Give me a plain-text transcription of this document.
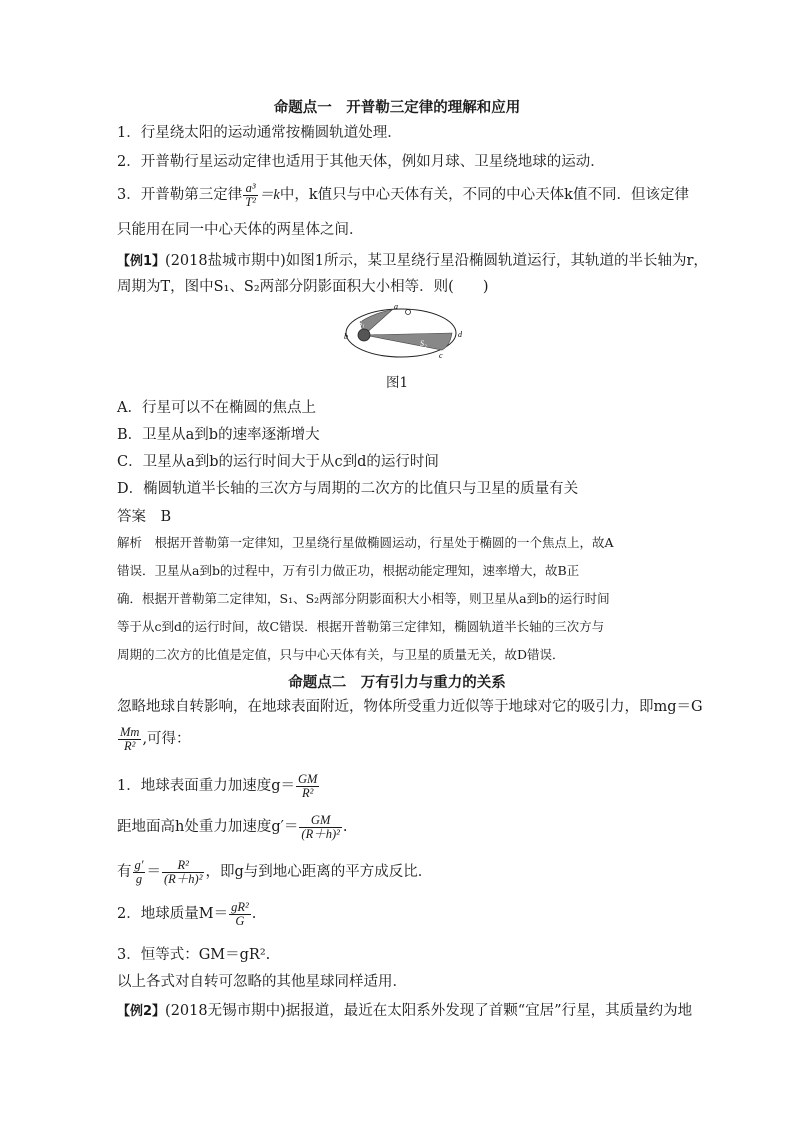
命题点一　开普勒三定律的理解和应用
1．行星绕太阳的运动通常按椭圆轨道处理．
2．开普勒行星运动定律也适用于其他天体，例如月球、卫星绕地球的运动．
3．开普勒第三定律 $\frac{\text{a³}}{\text{T²}} =k$中，k值只与中心天体有关，不同的中心天体k值不同．但该定律
只能用在同一中心天体的两星体之间．
【例1】(2018盐城市期中)如图1所示，某卫星绕行星沿椭圆轨道运行，其轨道的半长轴为r，
周期为T，图中S₁、S₂两部分阴影面积大小相等．则(　　)
a
b
c
d
S₁
S₂
图1
A．行星可以不在椭圆的焦点上
B．卫星从a到b的速率逐渐增大
C．卫星从a到b的运行时间大于从c到d的运行时间
D．椭圆轨道半长轴的三次方与周期的二次方的比值只与卫星的质量有关
答案　 B
解析　 根据开普勒第一定律知，卫星绕行星做椭圆运动，行星处于椭圆的一个焦点上，故A
错误．卫星从a到b的过程中，万有引力做正功，根据动能定理知，速率增大，故B正
确．根据开普勒第二定律知，S₁、S₂两部分阴影面积大小相等，则卫星从a到b的运行时间
等于从c到d的运行时间，故C错误．根据开普勒第三定律知，椭圆轨道半长轴的三次方与
周期的二次方的比值是定值，只与中心天体有关，与卫星的质量无关，故D错误．
命题点二　万有引力与重力的关系
忽略地球自转影响，在地球表面附近，物体所受重力近似等于地球对它的吸引力，即mg＝G
$\frac{Mm}{\text{R²}}$ ,可得：
1．地球表面重力加速度$g= \frac{GM}{\text{R²}}$
距地面高h处重力加速度$g'= \frac{GM}{\text{(R＋h)²}}$ .
有 $\frac{g'}{g} = \frac{\text{R²}}{\text{(R＋h)²}}$ ，即g与到地心距离的平方成反比．
2．地球质量$M= \frac{\text{gR²}}{G}$ .
3．恒等式：GM＝gR².
以上各式对自转可忽略的其他星球同样适用．
【例2】(2018无锡市期中)据报道，最近在太阳系外发现了首颗“宜居”行星，其质量约为地
